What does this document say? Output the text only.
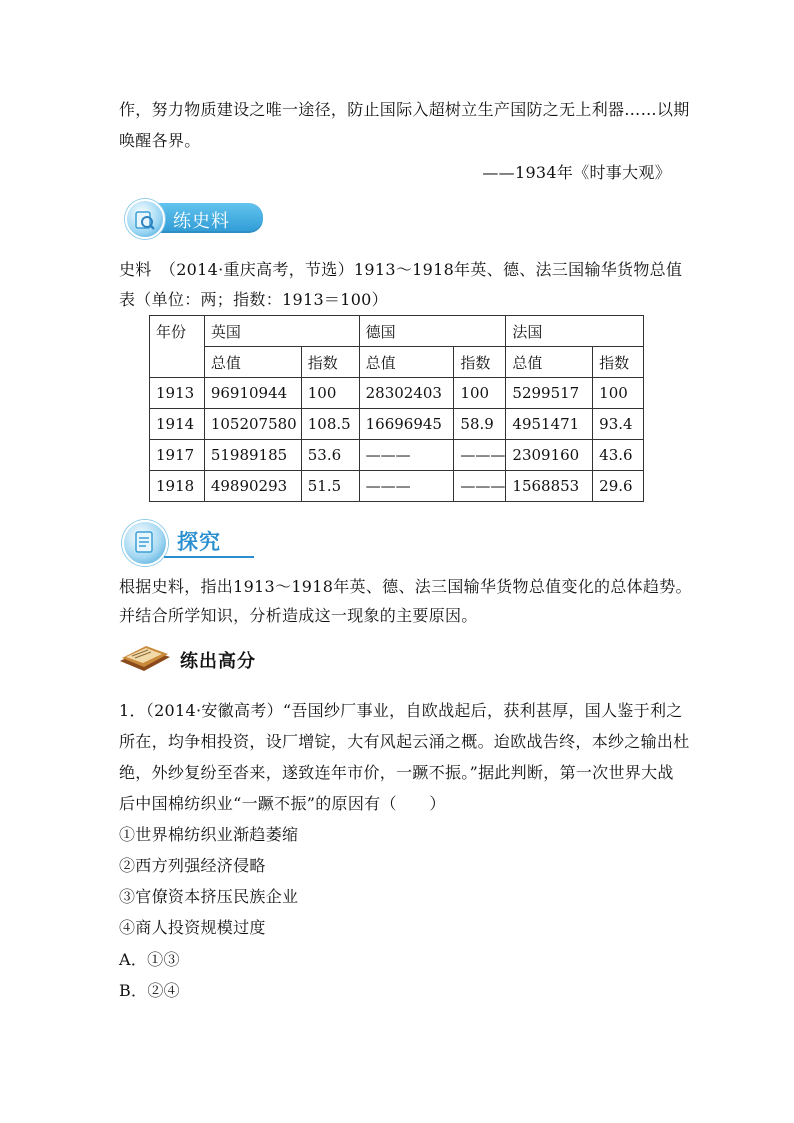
作，努力物质建设之唯一途径，防止国际入超树立生产国防之无上利器……以期
唤醒各界。
——1934年《时事大观》
练史料
史料　（2014·重庆高考，节选）1913～1918年英、德、法三国输华货物总值
表（单位：两；指数：1913＝100）
年份	英国		德国		法国	
	总值	指数	总值	指数	总值	指数
1913	96910944	100	28302403	100	5299517	100
1914	105207580	108.5	16696945	58.9	4951471	93.4
1917	51989185	53.6	———	———	2309160	43.6
1918	49890293	51.5	———	———	1568853	29.6
探究
根据史料，指出1913～1918年英、德、法三国输华货物总值变化的总体趋势。
并结合所学知识，分析造成这一现象的主要原因。
练出高分
1．（2014·安徽高考）“吾国纱厂事业，自欧战起后，获利甚厚，国人鉴于利之
所在，均争相投资，设厂增锭，大有风起云涌之概。迨欧战告终，本纱之输出杜
绝，外纱复纷至沓来，遂致连年市价，一蹶不振。”据此判断，第一次世界大战
后中国棉纺织业“一蹶不振”的原因有（　　）
①世界棉纺织业渐趋萎缩
②西方列强经济侵略
③官僚资本挤压民族企业
④商人投资规模过度
A．①③
B．②④
